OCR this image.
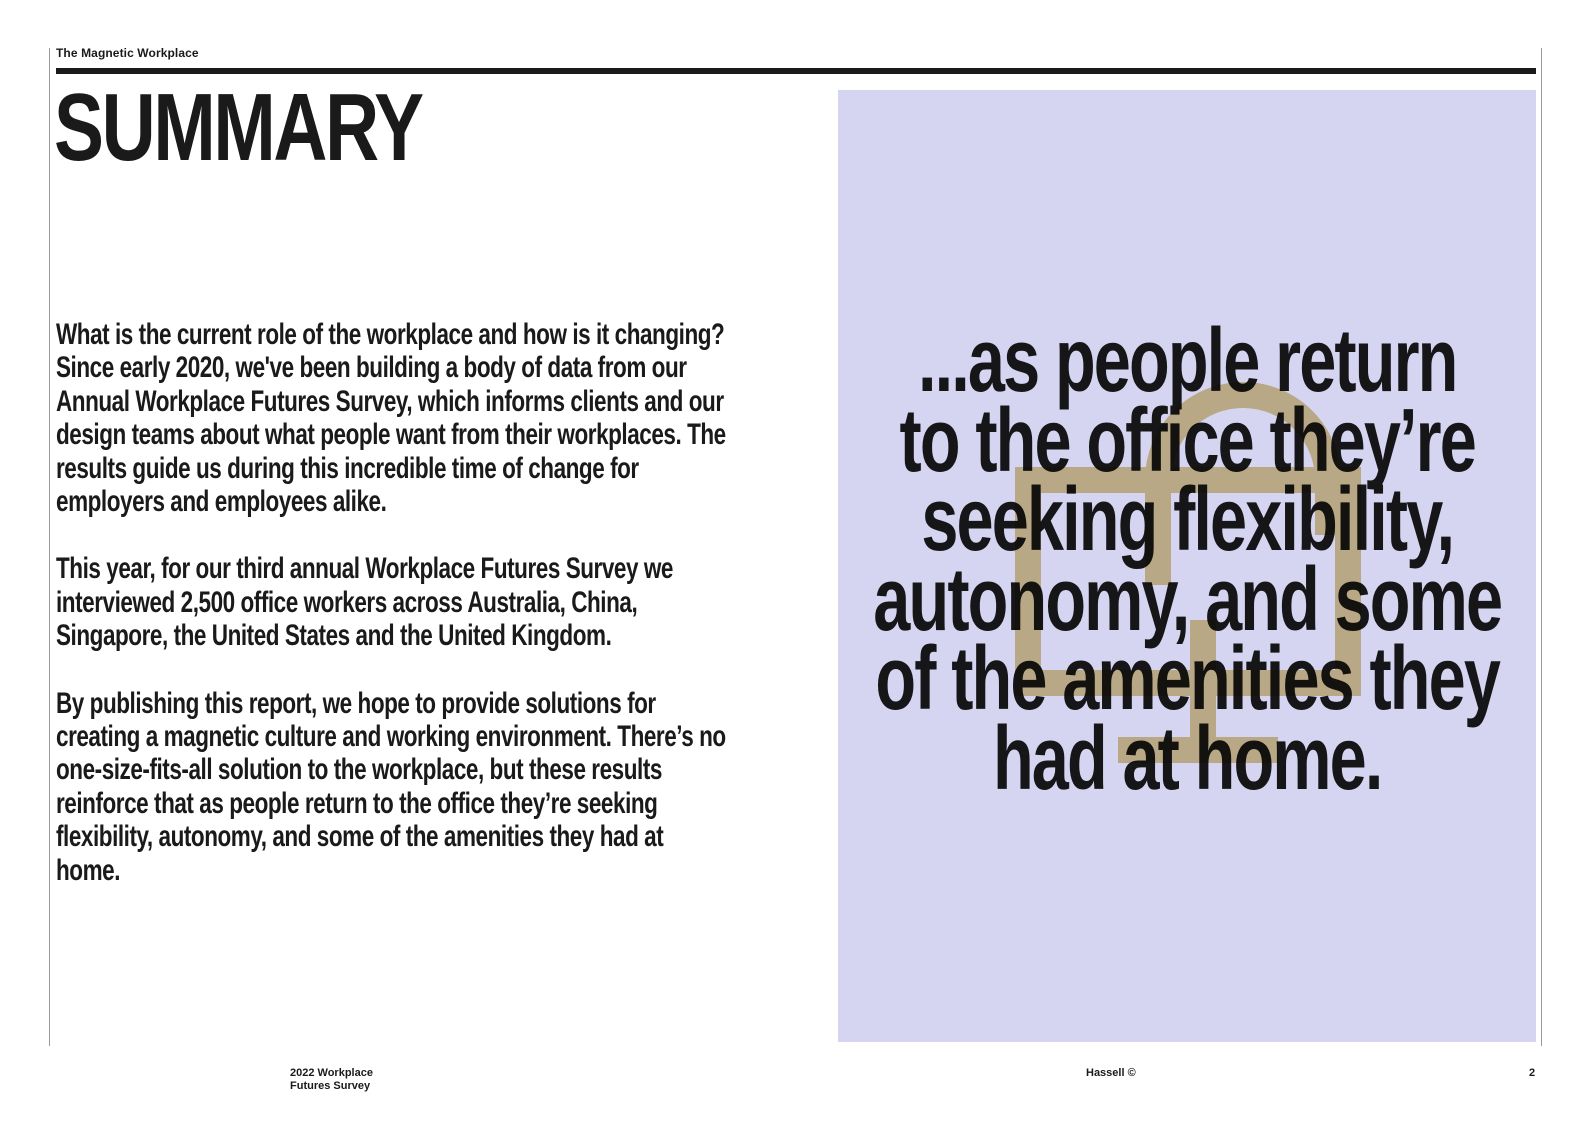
The Magnetic Workplace
SUMMARY

What is the current role of the workplace and how is it changing? Since early 2020, we've been building a body of data from our Annual Workplace Futures Survey, which informs clients and our design teams about what people want from their workplaces. The results guide us during this incredible time of change for employers and employees alike.

This year, for our third annual Workplace Futures Survey we interviewed 2,500 office workers across Australia, China, Singapore, the United States and the United Kingdom.

By publishing this report, we hope to provide solutions for creating a magnetic culture and working environment. There’s no one-size-fits-all solution to the workplace, but these results reinforce that as people return to the office they’re seeking flexibility, autonomy, and some of the amenities they had at home.

...as people return
to the office they’re
seeking flexibility,
autonomy, and some
of the amenities they
had at home.
2022 Workplace
Futures Survey
Hassell ©	2
